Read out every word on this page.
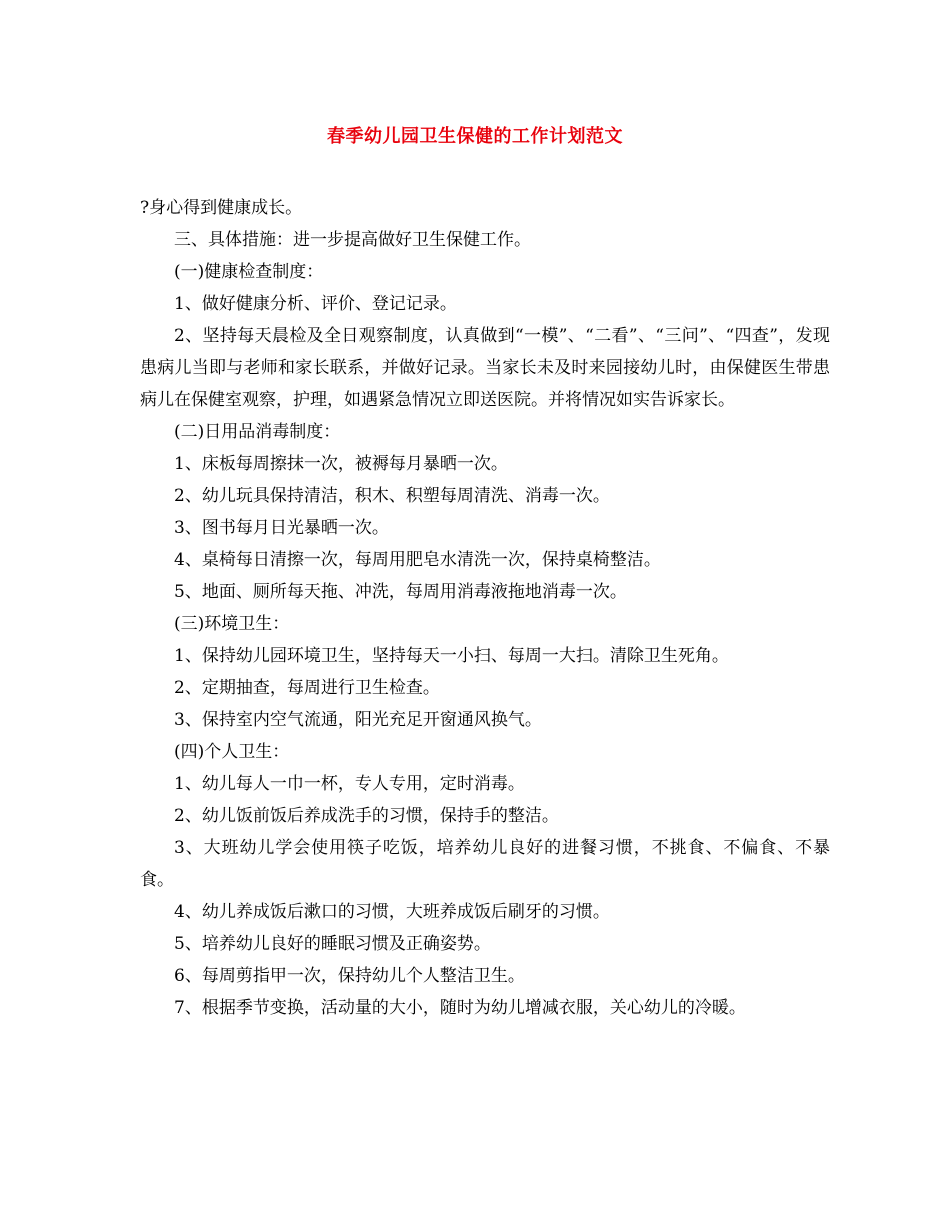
春季幼儿园卫生保健的工作计划范文

?身心得到健康成长。

三、具体措施：进一步提高做好卫生保健工作。

(一)健康检查制度：

1、做好健康分析、评价、登记记录。

2、坚持每天晨检及全日观察制度，认真做到“一模”、“二看”、“三问”、“四查”，发现患病儿当即与老师和家长联系，并做好记录。当家长未及时来园接幼儿时，由保健医生带患病儿在保健室观察，护理，如遇紧急情况立即送医院。并将情况如实告诉家长。

(二)日用品消毒制度：

1、床板每周擦抹一次，被褥每月暴晒一次。

2、幼儿玩具保持清洁，积木、积塑每周清洗、消毒一次。

3、图书每月日光暴晒一次。

4、桌椅每日清擦一次，每周用肥皂水清洗一次，保持桌椅整洁。

5、地面、厕所每天拖、冲洗，每周用消毒液拖地消毒一次。

(三)环境卫生：

1、保持幼儿园环境卫生，坚持每天一小扫、每周一大扫。清除卫生死角。

2、定期抽查，每周进行卫生检查。

3、保持室内空气流通，阳光充足开窗通风换气。

(四)个人卫生：

1、幼儿每人一巾一杯，专人专用，定时消毒。

2、幼儿饭前饭后养成洗手的习惯，保持手的整洁。

3、大班幼儿学会使用筷子吃饭，培养幼儿良好的进餐习惯，不挑食、不偏食、不暴食。

4、幼儿养成饭后漱口的习惯，大班养成饭后刷牙的习惯。

5、培养幼儿良好的睡眠习惯及正确姿势。

6、每周剪指甲一次，保持幼儿个人整洁卫生。

7、根据季节变换，活动量的大小，随时为幼儿增减衣服，关心幼儿的冷暖。
